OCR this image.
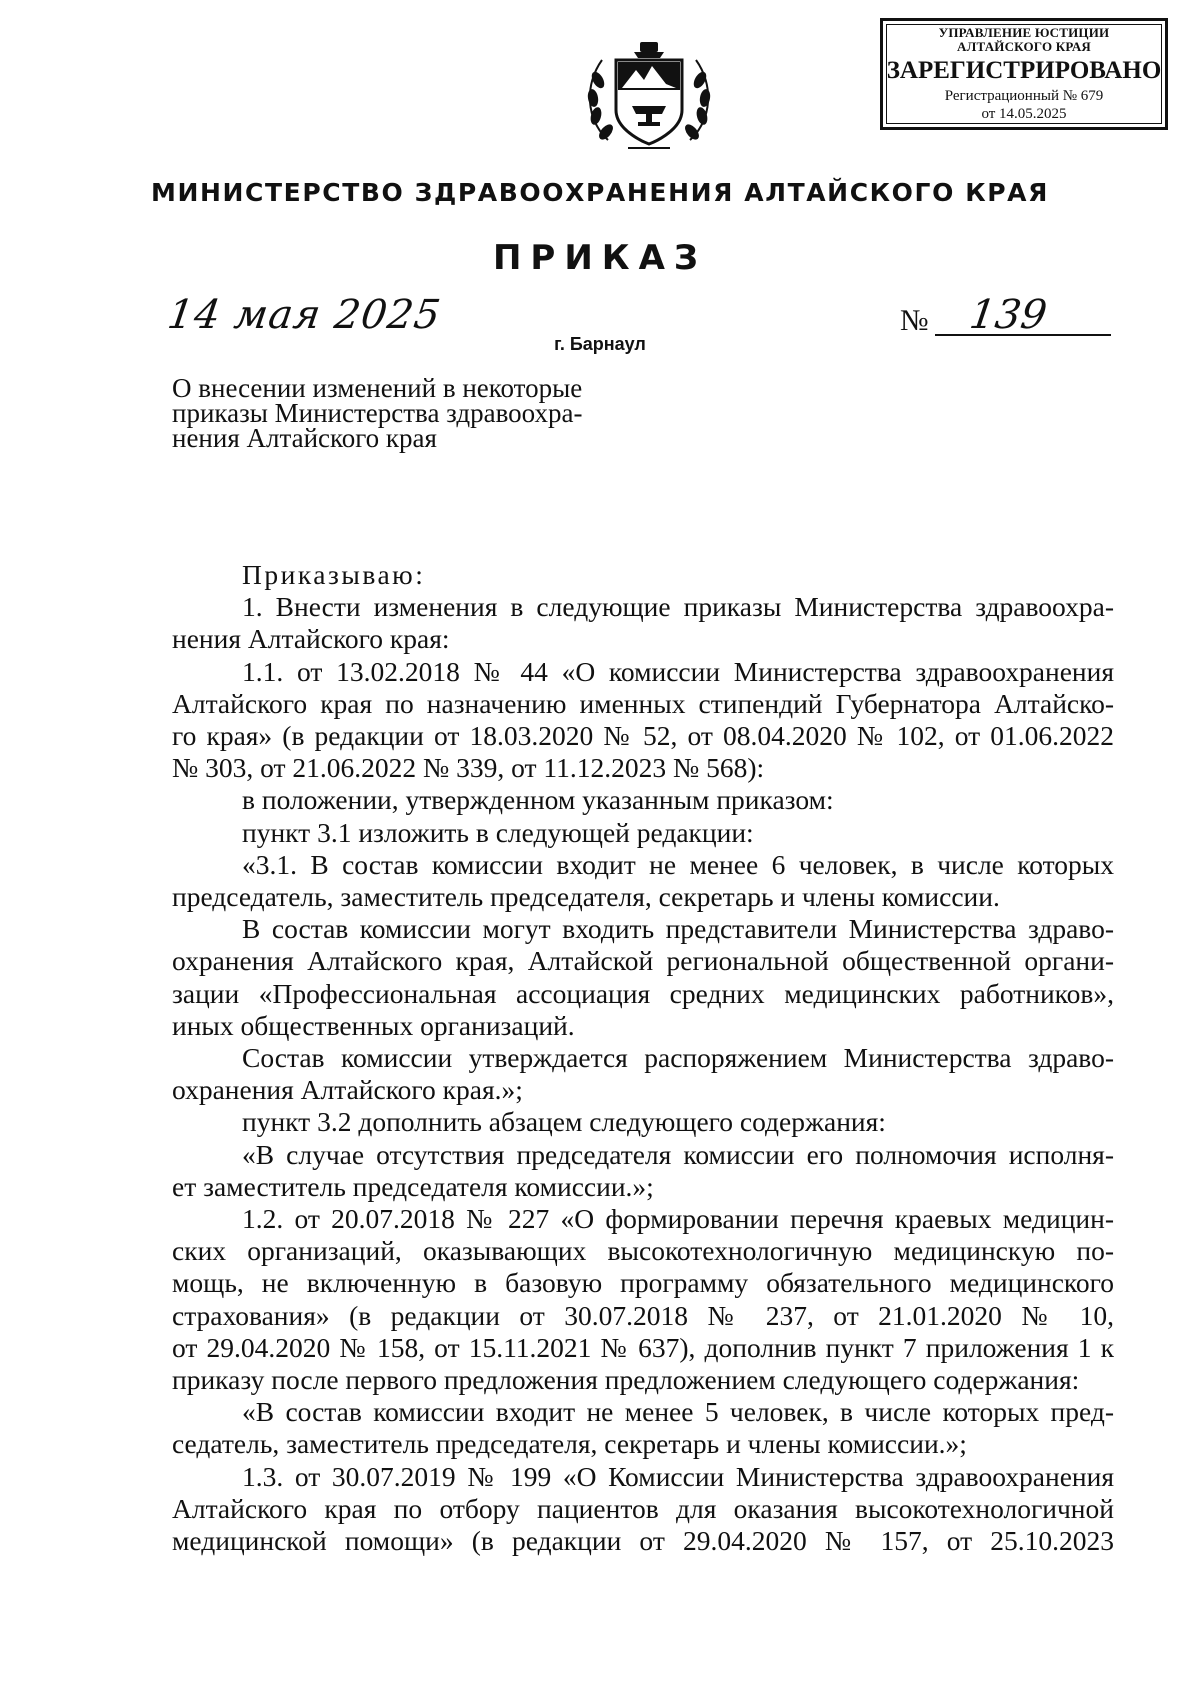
УПРАВЛЕНИЕ ЮСТИЦИИ
АЛТАЙСКОГО КРАЯ
ЗАРЕГИСТРИРОВАНО
Регистрационный № 679
от 14.05.2025
МИНИСТЕРСТВО ЗДРАВООХРАНЕНИЯ АЛТАЙСКОГО КРАЯ
ПРИКАЗ
14 мая 2025	№ 139
г. Барнаул
О внесении изменений в некоторые
приказы Министерства здравоохра-
нения Алтайского края
Приказываю:
1. Внести изменения в следующие приказы Министерства здравоохра-
нения Алтайского края:
1.1. от 13.02.2018 № 44 «О комиссии Министерства здравоохранения
Алтайского края по назначению именных стипендий Губернатора Алтайско-
го края» (в редакции от 18.03.2020 № 52, от 08.04.2020 № 102, от 01.06.2022
№ 303, от 21.06.2022 № 339, от 11.12.2023 № 568):
в положении, утвержденном указанным приказом:
пункт 3.1 изложить в следующей редакции:
«3.1. В состав комиссии входит не менее 6 человек, в числе которых
председатель, заместитель председателя, секретарь и члены комиссии.
В состав комиссии могут входить представители Министерства здраво-
охранения Алтайского края, Алтайской региональной общественной органи-
зации «Профессиональная ассоциация средних медицинских работников»,
иных общественных организаций.
Состав комиссии утверждается распоряжением Министерства здраво-
охранения Алтайского края.»;
пункт 3.2 дополнить абзацем следующего содержания:
«В случае отсутствия председателя комиссии его полномочия исполня-
ет заместитель председателя комиссии.»;
1.2. от 20.07.2018 № 227 «О формировании перечня краевых медицин-
ских организаций, оказывающих высокотехнологичную медицинскую по-
мощь, не включенную в базовую программу обязательного медицинского
страхования» (в редакции от 30.07.2018 № 237, от 21.01.2020 № 10,
от 29.04.2020 № 158, от 15.11.2021 № 637), дополнив пункт 7 приложения 1 к
приказу после первого предложения предложением следующего содержания:
«В состав комиссии входит не менее 5 человек, в числе которых пред-
седатель, заместитель председателя, секретарь и члены комиссии.»;
1.3. от 30.07.2019 № 199 «О Комиссии Министерства здравоохранения
Алтайского края по отбору пациентов для оказания высокотехнологичной
медицинской помощи» (в редакции от 29.04.2020 № 157, от 25.10.2023
